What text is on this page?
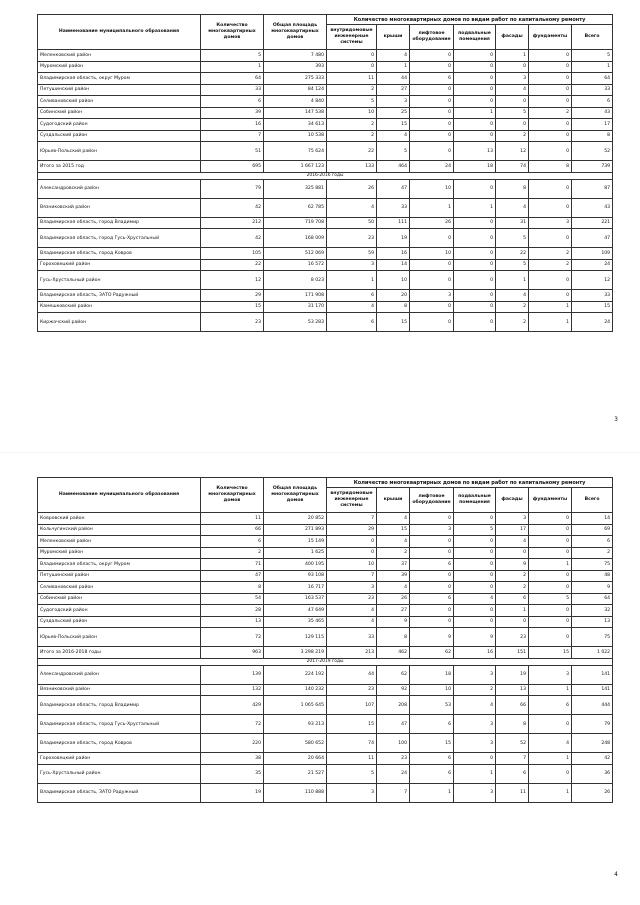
Наименование муниципального образования	Количество многоквартирных домов	Общая площадь многоквартирных домов	Количество многоквартирных домов по видам работ по капитальному ремонту						
			внутридомовые инженерные системы	крыши	лифтовое оборудование	подвальные помещения	фасады	фундаменты	Всего
Меленковский район	5	7 480	0	4	0	0	1	0	5
Муромский район	1	393	0	1	0	0	0	0	1
Владимирская область, округ Муром	64	275 333	11	44	6	0	3	0	64
Петушинский район	33	84 124	2	27	0	0	4	0	33
Селивановский район	6	4 840	5	3	0	0	0	0	6
Собинский район	39	147 538	10	25	0	1	5	2	43
Судогодский район	16	34 613	2	15	0	0	0	0	17
Суздальский район	7	10 538	2	4	0	0	2	0	8
Юрьев-Польский район	51	75 624	22	5	0	13	12	0	52
Итого за 2015 год	695	1 667 123	133	464	24	18	74	8	739
2016-2016 годы									
Александровский район	79	325 881	26	47	10	0	8	0	87
Вязниковский район	42	62 785	4	33	1	1	4	0	43
Владимирская область, город Владимир	212	719 708	50	111	26	0	31	3	221
Владимирская область, город Гусь-Хрустальный	42	168 009	23	19	0	0	5	0	47
Владимирская область, город Ковров	105	512 069	59	16	10	0	22	2	109
Гороховецкий район	22	16 572	3	14	0	0	5	2	24
Гусь-Хрустальный район	12	8 023	1	10	0	0	1	0	12
Владимирская область, ЗАТО Радужный	29	171 908	6	20	3	0	4	0	33
Камешковский район	15	31 170	4	8	0	0	2	1	15
Киржачский район	23	53 283	6	15	0	0	2	1	24
3
Наименование муниципального образования	Количество многоквартирных домов	Общая площадь многоквартирных домов	Количество многоквартирных домов по видам работ по капитальному ремонту						
			внутридомовые инженерные системы	крыши	лифтовое оборудование	подвальные помещения	фасады	фундаменты	Всего
Ковровский район	11	20 852	7	4	0	0	3	0	14
Кольчугинский район	66	271 893	29	15	3	5	17	0	69
Меленковский район	6	15 149	0	4	0	0	4	0	6
Муромский район	2	1 625	0	2	0	0	0	0	2
Владимирская область, округ Муром	71	400 195	10	37	6	0	9	1	75
Петушинский район	47	93 108	7	39	0	0	2	0	48
Селивановский район	8	16 717	3	4	0	0	2	0	9
Собинский район	54	163 537	23	26	6	4	6	5	64
Судогодский район	28	47 649	4	27	0	0	1	0	32
Суздальский район	13	35 465	4	9	0	0	0	0	13
Юрьев-Польский район	72	129 115	33	8	9	9	23	0	75
Итого за 2016-2018 годы	963	3 298 219	213	462	62	16	151	15	1 022
2017-2019 годы									
Александровский район	139	224 192	44	62	18	3	19	3	141
Вязниковский район	132	140 232	23	92	10	2	13	1	141
Владимирская область, город Владимир	429	1 065 645	107	208	53	4	66	6	444
Владимирская область, город Гусь-Хрустальный	72	93 213	15	47	6	3	8	0	79
Владимирская область, город Ковров	220	580 652	74	100	15	3	52	4	248
Гороховецкий район	38	20 664	11	23	6	0	7	1	42
Гусь-Хрустальный район	35	21 527	5	24	6	1	6	0	36
Владимирская область, ЗАТО Радужный	19	110 888	3	7	1	3	11	1	26
4
